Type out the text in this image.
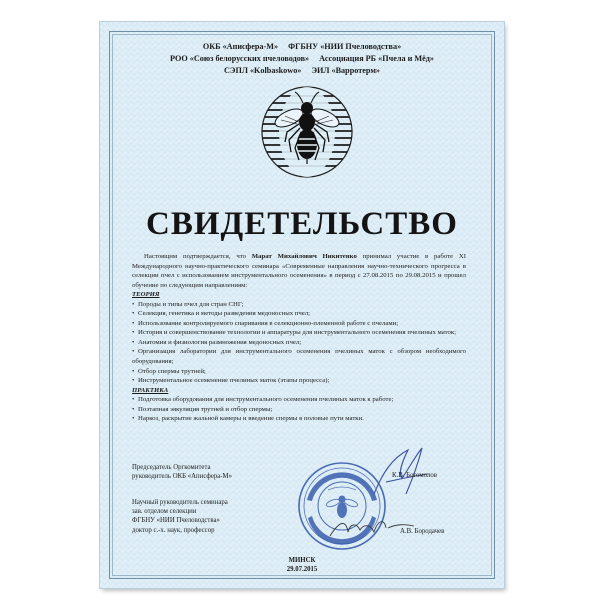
ОКБ «Аписфера-М» ФГБНУ «НИИ Пчеловодства»
РОО «Союз белорусских пчеловодов» Ассоциация РБ «Пчела и Мёд»
СЭПЛ «Kolbaskowo» ЭИЛ «Варротерм»
СВИДЕТЕЛЬСТВО

Настоящим подтверждается, что Марат Михайлович Никитенко принимал участие в работе XI Международного научно-практического семинара «Современные направления научно-технического прогресса в селекции пчел с использованием инструментального осеменения» в период с 27.08.2015 по 29.08.2015 и прошел обучение по следующим направлениям:

ТЕОРИЯ

• Породы и типы пчел для стран СНГ;

• Селекция, генетика и методы разведения медоносных пчел;

• Использование контролируемого спаривания в селекционно-племенной работе с пчелами;

• История и совершенствование технологии и аппаратуры для инструментального осеменения пчелиных маток;

• Анатомия и физиология размножения медоносных пчел;

• Организация лаборатории для инструментального осеменения пчелиных маток с обзором необходимого оборудования;

• Отбор спермы трутней;

• Инструментальное осеменение пчелиных маток (этапы процесса);

ПРАКТИКА

• Подготовка оборудования для инструментального осеменения пчелиных маток к работе;

• Поэтапная эякуляция трутней и отбор спермы;

• Наркоз, раскрытие жальной камеры и введение спермы в половые пути матки.

Председатель Оргкомитета
руководитель ОКБ «Аписфера-М»	К.В. Богомолов
Научный руководитель семинара
зав. отделом селекции
ФГБНУ «НИИ Пчеловодства»
доктор с.-х. наук, профессор	А.В. Бородачев
МИНСК
29.07.2015
